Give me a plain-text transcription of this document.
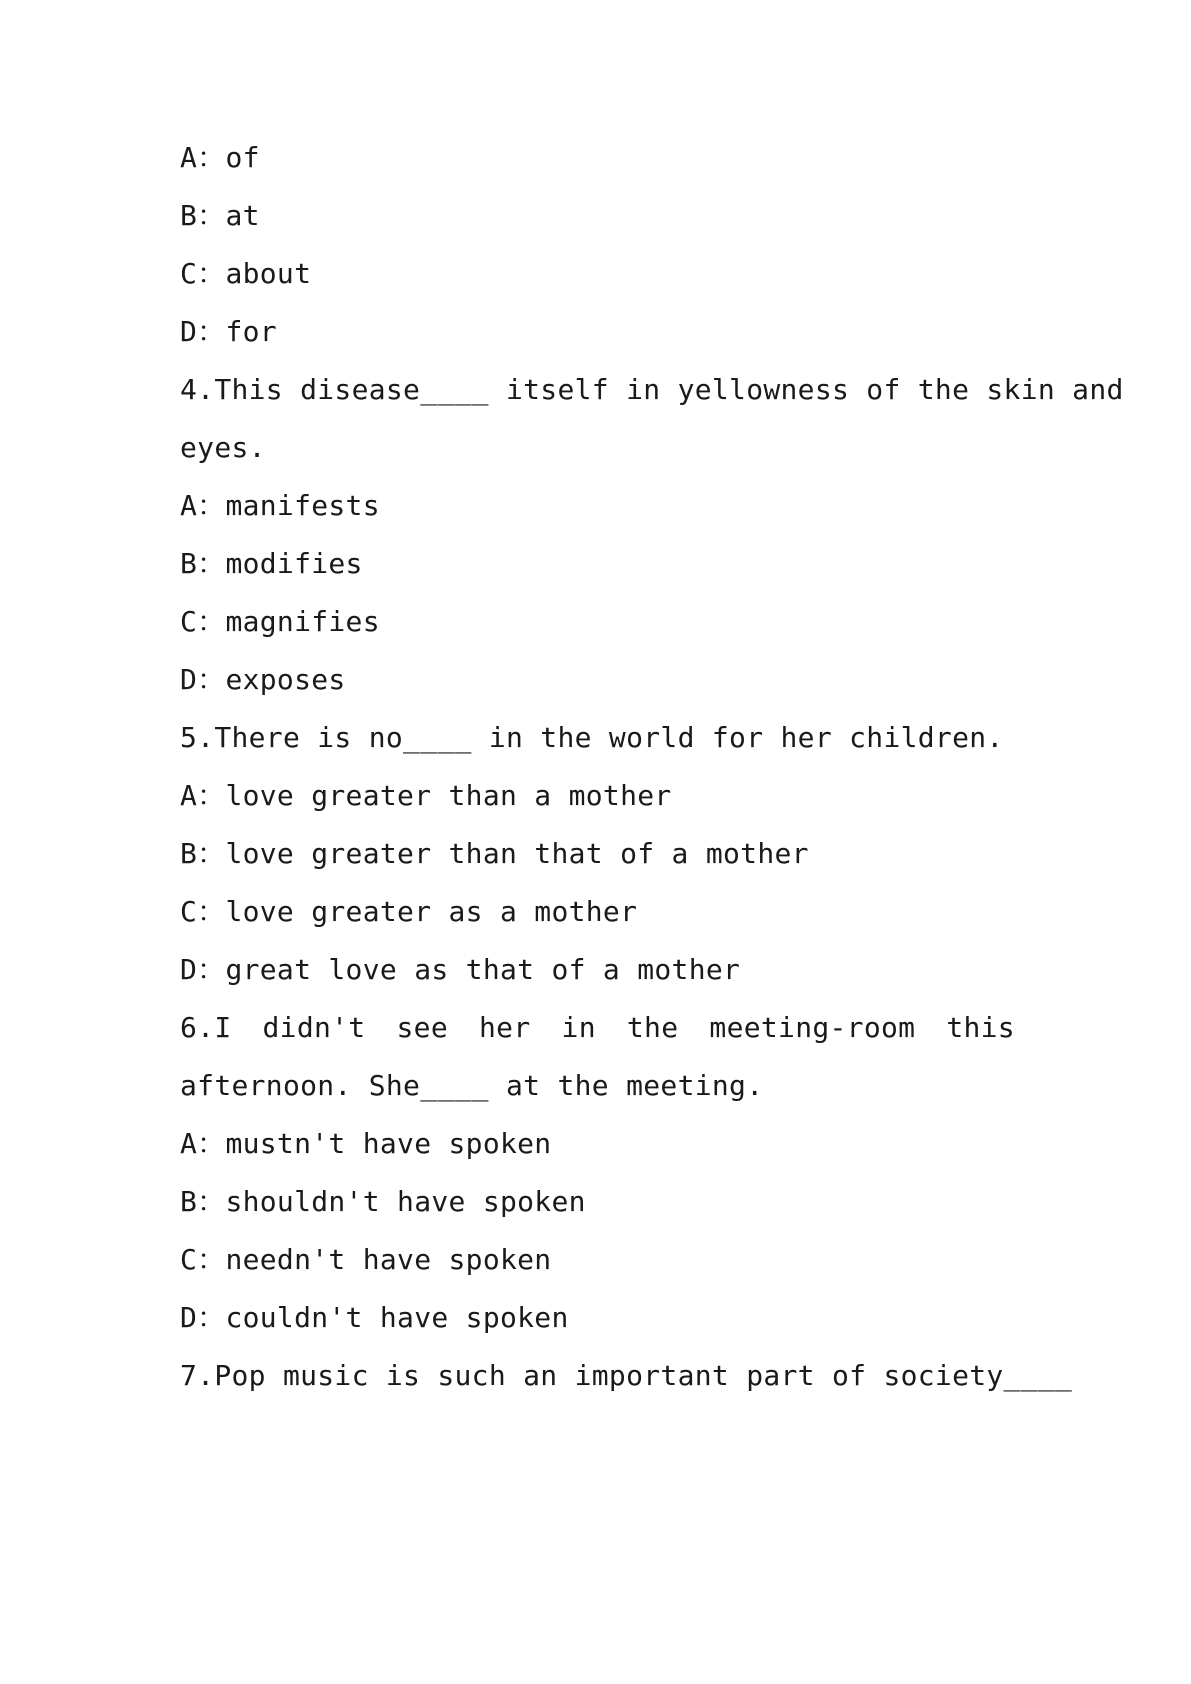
A：of
B：at
C：about
D：for
4.This disease____ itself in yellowness of the skin and
eyes.
A：manifests
B：modifies
C：magnifies
D：exposes
5.There is no____ in the world for her children.
A：love greater than a mother
B：love greater than that of a mother
C：love greater as a mother
D：great love as that of a mother
6.I didn't see her in the meeting-room this
afternoon. She____ at the meeting.
A：mustn't have spoken
B：shouldn't have spoken
C：needn't have spoken
D：couldn't have spoken
7.Pop music is such an important part of society____
